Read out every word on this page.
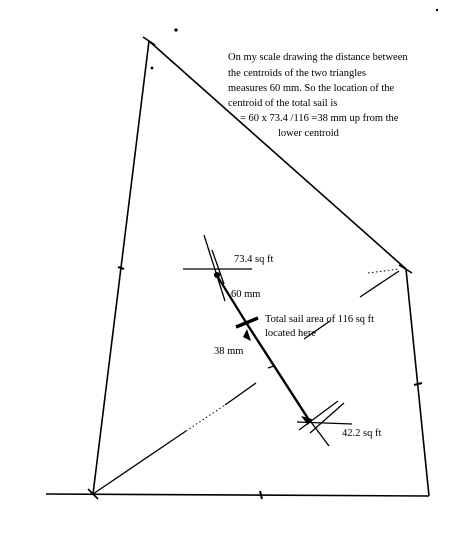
On my scale drawing the distance between
the centroids of the two triangles
measures 60 mm. So the location of the
centroid of the total sail is
= 60 x 73.4 /116 =38 mm up from the
lower centroid
73.4 sq ft
60 mm
Total sail area of 116 sq ft
located here
38 mm
42.2 sq ft
